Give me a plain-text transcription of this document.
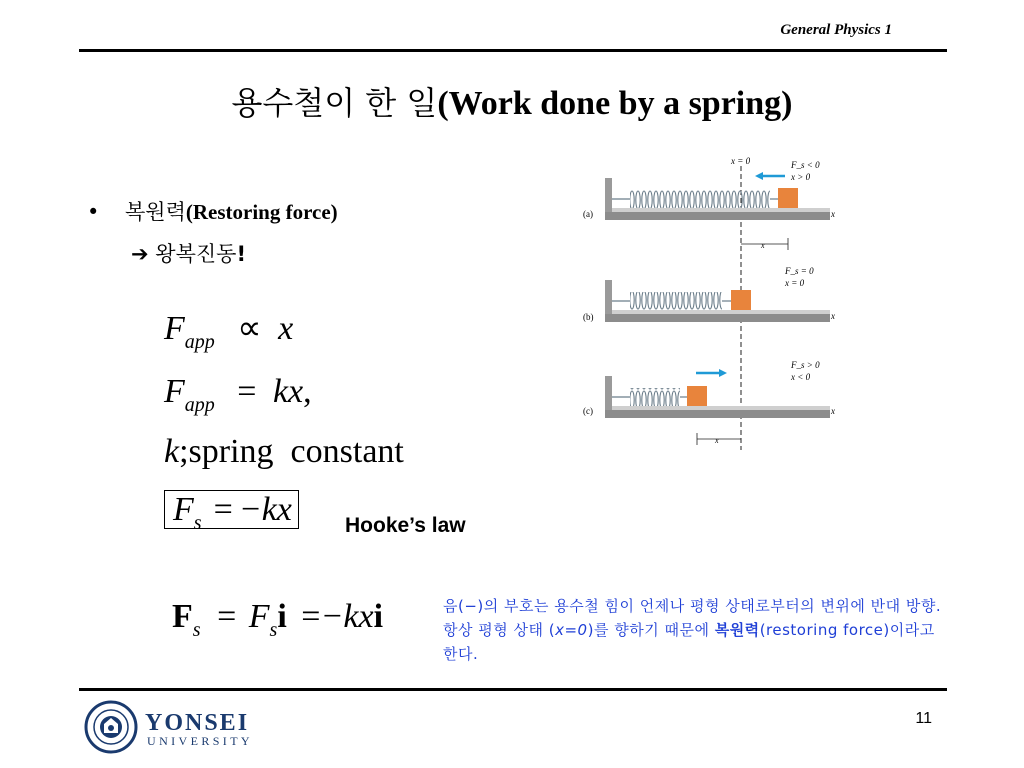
General Physics 1
용수철이 한 일(Work done by a spring)
• 복원력(Restoring force)
➔ 왕복진동!
$F_{app} \propto x$
$F_{app}$ = kx,
k;spring  constant
$F_s = -kx$	Hooke’s law
$F_s = F_si =-kxi$	음(−)의 부호는 용수철 힘이 언제나 평형 상태로부터의 변위에 반대 방향. 항상 평형 상태 (x=0)를 향하기 때문에 복원력(restoring force)이라고 한다.
x = 0
(a)
F_s < 0
x > 0
x
x
(b)
F_s = 0
x = 0
x
(c)
F_s > 0
x < 0
x
x
YONSEI
UNIVERSITY
11
